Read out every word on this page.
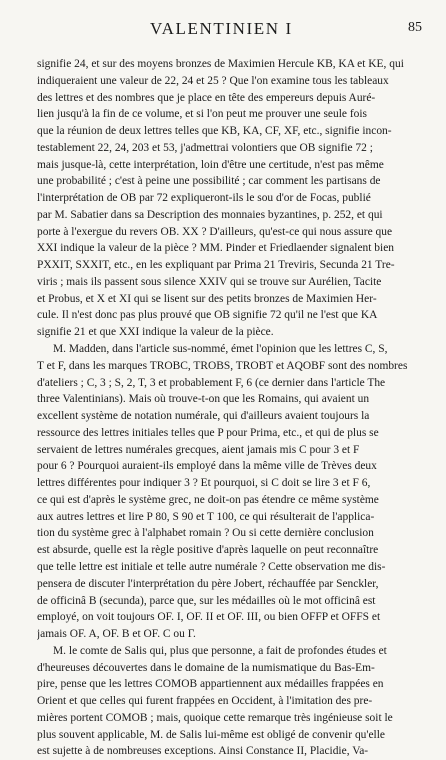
VALENTINIEN I	85
signifie 24, et sur des moyens bronzes de Maximien Hercule KB, KA et KE, qui
indiqueraient une valeur de 22, 24 et 25 ? Que l'on examine tous les tableaux
des lettres et des nombres que je place en tête des empereurs depuis Auré-
lien jusqu'à la fin de ce volume, et si l'on peut me prouver une seule fois
que la réunion de deux lettres telles que KB, KA, CF, XF, etc., signifie incon-
testablement 22, 24, 203 et 53, j'admettrai volontiers que OB signifie 72 ;
mais jusque-là, cette interprétation, loin d'être une certitude, n'est pas même
une probabilité ; c'est à peine une possibilité ; car comment les partisans de
l'interprétation de OB par 72 expliqueront-ils le sou d'or de Focas, publié
par M. Sabatier dans sa Description des monnaies byzantines, p. 252, et qui
porte à l'exergue du revers OB. XX ? D'ailleurs, qu'est-ce qui nous assure que
XXI indique la valeur de la pièce ? MM. Pinder et Friedlaender signalent bien
PXXIT, SXXIT, etc., en les expliquant par Prima 21 Treviris, Secunda 21 Tre-
viris ; mais ils passent sous silence XXIV qui se trouve sur Aurélien, Tacite
et Probus, et X et XI qui se lisent sur des petits bronzes de Maximien Her-
cule. Il n'est donc pas plus prouvé que OB signifie 72 qu'il ne l'est que KA
signifie 21 et que XXI indique la valeur de la pièce.
M. Madden, dans l'article sus-nommé, émet l'opinion que les lettres C, S,
T et F, dans les marques TROBC, TROBS, TROBT et AQOBF sont des nombres
d'ateliers ; C, 3 ; S, 2, T, 3 et probablement F, 6 (ce dernier dans l'article The
three Valentinians). Mais où trouve-t-on que les Romains, qui avaient un
excellent système de notation numérale, qui d'ailleurs avaient toujours la
ressource des lettres initiales telles que P pour Prima, etc., et qui de plus se
servaient de lettres numérales grecques, aient jamais mis C pour 3 et F
pour 6 ? Pourquoi auraient-ils employé dans la même ville de Trèves deux
lettres différentes pour indiquer 3 ? Et pourquoi, si C doit se lire 3 et F 6,
ce qui est d'après le système grec, ne doit-on pas étendre ce même système
aux autres lettres et lire P 80, S 90 et T 100, ce qui résulterait de l'applica-
tion du système grec à l'alphabet romain ? Ou si cette dernière conclusion
est absurde, quelle est la règle positive d'après laquelle on peut reconnaître
que telle lettre est initiale et telle autre numérale ? Cette observation me dis-
pensera de discuter l'interprétation du père Jobert, réchauffée par Senckler,
de officinâ B (secunda), parce que, sur les médailles où le mot officinâ est
employé, on voit toujours OF. I, OF. II et OF. III, ou bien OFFP et OFFS et
jamais OF. A, OF. B et OF. C ou Γ.
M. le comte de Salis qui, plus que personne, a fait de profondes études et
d'heureuses découvertes dans le domaine de la numismatique du Bas-Em-
pire, pense que les lettres COMOB appartiennent aux médailles frappées en
Orient et que celles qui furent frappées en Occident, à l'imitation des pre-
mières portent COMOB ; mais, quoique cette remarque très ingénieuse soit le
plus souvent applicable, M. de Salis lui-même est obligé de convenir qu'elle
est sujette à de nombreuses exceptions. Ainsi Constance II, Placidie, Va-
